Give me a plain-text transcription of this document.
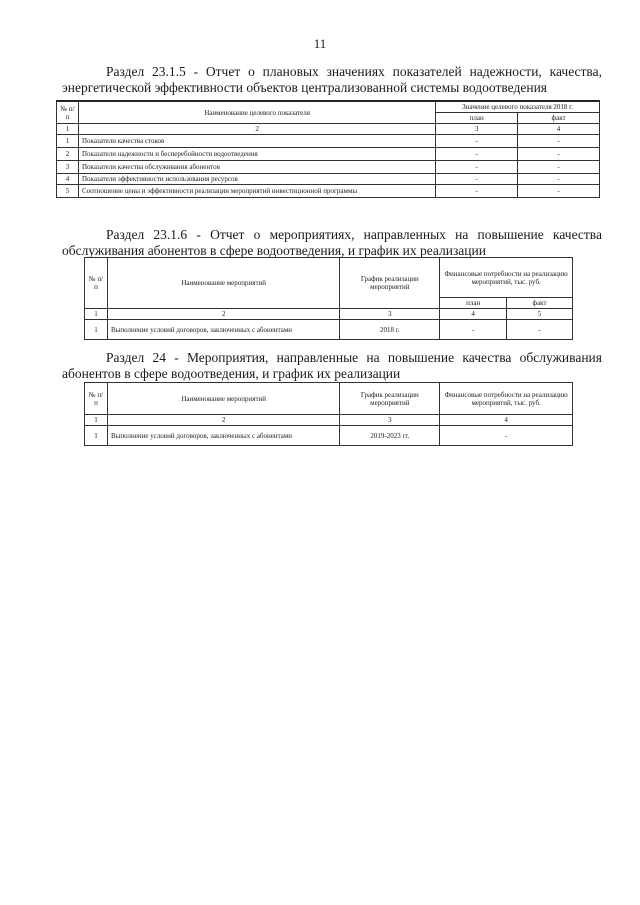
11
Раздел 23.1.5 - Отчет о плановых значениях показателей надежности, качества,
энергетической эффективности объектов централизованной системы водоотведения
№ п/п	Наименование целевого показателя	Значение целевого показателя 2018 г.	
		план	факт
1	2	3	4
1	Показатели качества стоков	-	-
2	Показатели надежности и бесперебойности водоотведения	-	-
3	Показатели качества обслуживания абонентов	-	-
4	Показатели эффективности использования ресурсов	-	-
5	Соотношение цены и эффективности реализации мероприятий инвестиционной программы	-	-
Раздел 23.1.6 - Отчет о мероприятиях, направленных на повышение качества
обслуживания абонентов в сфере водоотведения, и график их реализации
№ п/п	Наименование мероприятий	График реализации мероприятий	Финансовые потребности на реализацию мероприятий, тыс. руб.	
			план	факт
1	2	3	4	5
1	Выполнение условий договоров, заключенных с абонентами	2018 г.	-	-
Раздел 24 - Мероприятия, направленные на повышение качества обслуживания
абонентов в сфере водоотведения, и график их реализации
№ п/п	Наименование мероприятий	График реализации мероприятий	Финансовые потребности на реализацию мероприятий, тыс. руб.
1	2	3	4
1	Выполнение условий договоров, заключенных с абонентами	2019-2023 гг.	-
